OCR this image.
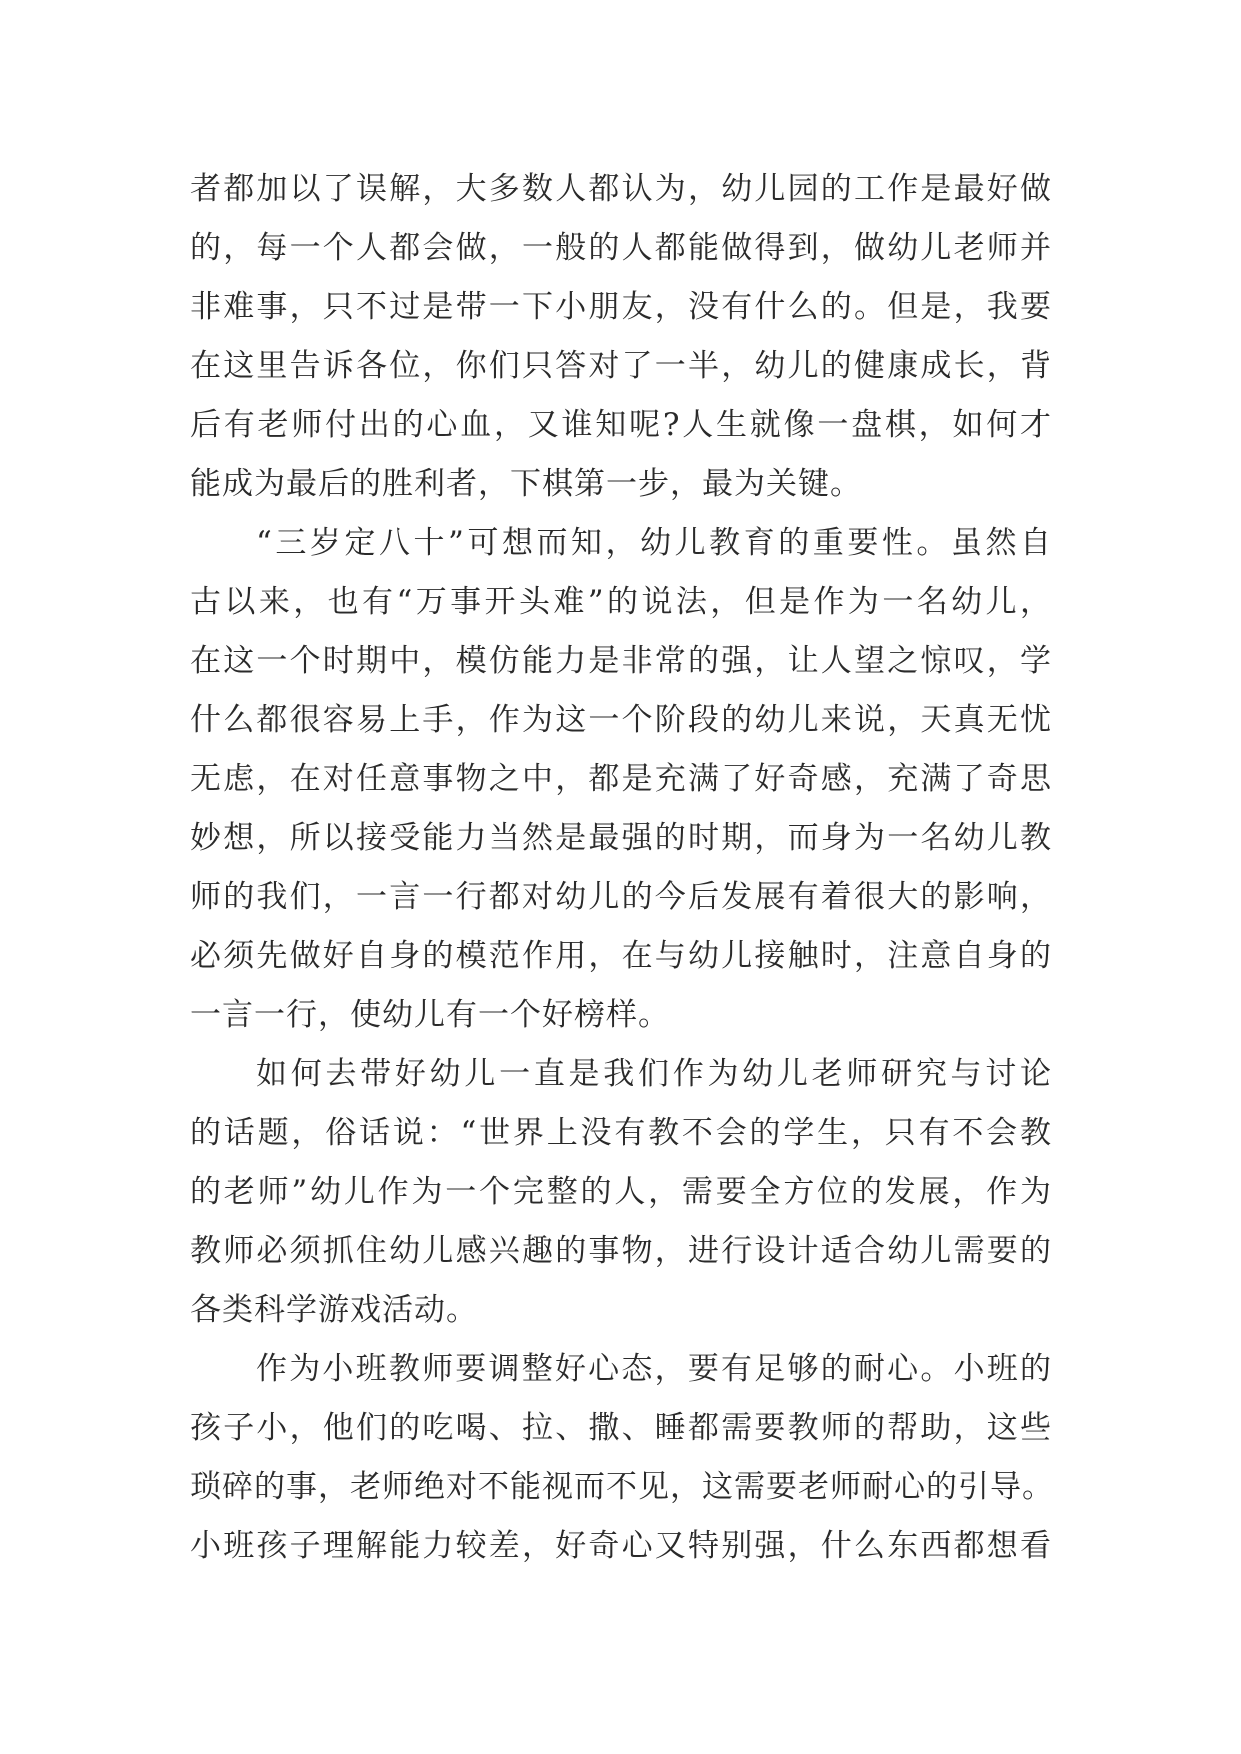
者都加以了误解，大多数人都认为，幼儿园的工作是最好做
的，每一个人都会做，一般的人都能做得到，做幼儿老师并
非难事，只不过是带一下小朋友，没有什么的。但是，我要
在这里告诉各位，你们只答对了一半，幼儿的健康成长，背
后有老师付出的心血，又谁知呢?人生就像一盘棋，如何才
能成为最后的胜利者，下棋第一步，最为关键。
“三岁定八十”可想而知，幼儿教育的重要性。虽然自
古以来，也有“万事开头难”的说法，但是作为一名幼儿，
在这一个时期中，模仿能力是非常的强，让人望之惊叹，学
什么都很容易上手，作为这一个阶段的幼儿来说，天真无忧
无虑，在对任意事物之中，都是充满了好奇感，充满了奇思
妙想，所以接受能力当然是最强的时期，而身为一名幼儿教
师的我们，一言一行都对幼儿的今后发展有着很大的影响，
必须先做好自身的模范作用，在与幼儿接触时，注意自身的
一言一行，使幼儿有一个好榜样。
如何去带好幼儿一直是我们作为幼儿老师研究与讨论
的话题，俗话说：“世界上没有教不会的学生，只有不会教
的老师”幼儿作为一个完整的人，需要全方位的发展，作为
教师必须抓住幼儿感兴趣的事物，进行设计适合幼儿需要的
各类科学游戏活动。
作为小班教师要调整好心态，要有足够的耐心。小班的
孩子小，他们的吃喝、拉、撒、睡都需要教师的帮助，这些
琐碎的事，老师绝对不能视而不见，这需要老师耐心的引导。
小班孩子理解能力较差，好奇心又特别强，什么东西都想看
